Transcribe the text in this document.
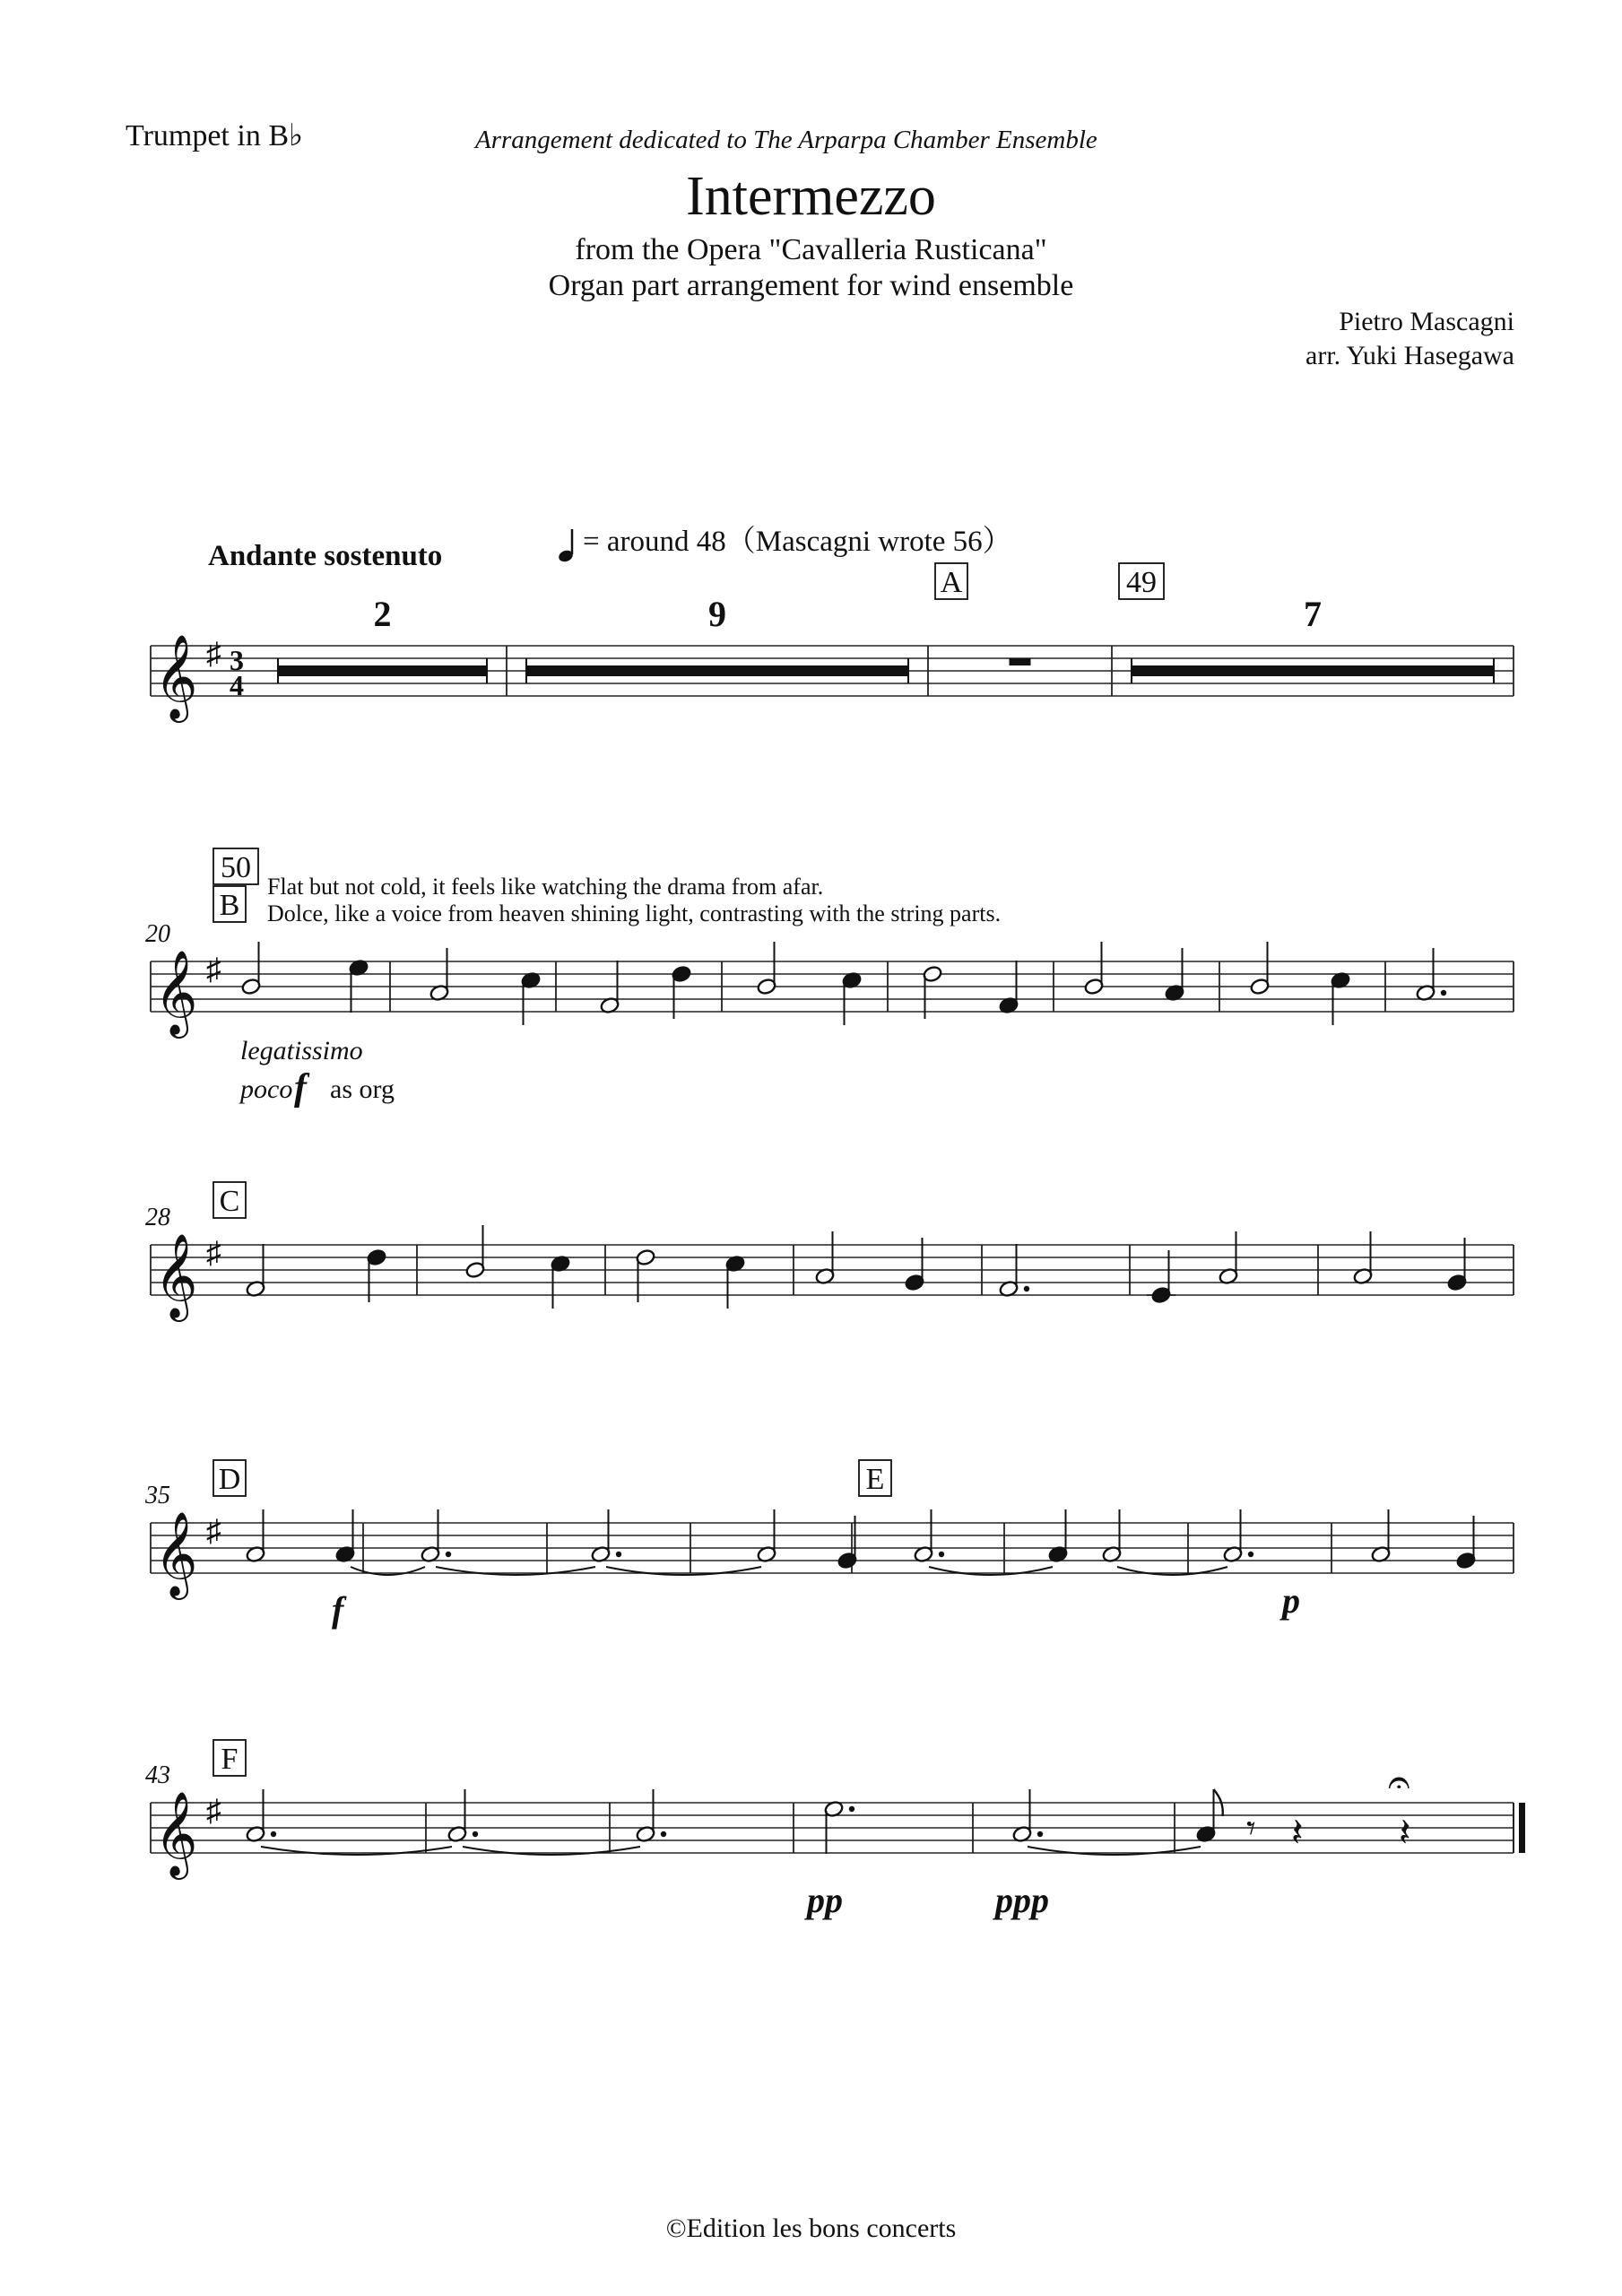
Trumpet in B♭	Arrangement dedicated to The Arparpa Chamber Ensemble
Intermezzo
from the Opera "Cavalleria Rusticana"
Organ part arrangement for wind ensemble
Pietro Mascagni
arr. Yuki Hasegawa
Andante sostenuto	= around 48（Mascagni wrote 56）
Flat but not cold, it feels like watching the drama from afar.
Dolce, like a voice from heaven shining light, contrasting with the string parts.
legatissimo
poco f as org
𝄞 ♯ 3
4
A	49
2	9	7
𝄞 ♯
20
50
B
𝄞 ♯
28 C
𝄞 ♯
35 D	E
f	p
𝄞 ♯
43 F
𝄾 𝄽 𝄽
𝄐
pp	ppp
©Edition les bons concerts
